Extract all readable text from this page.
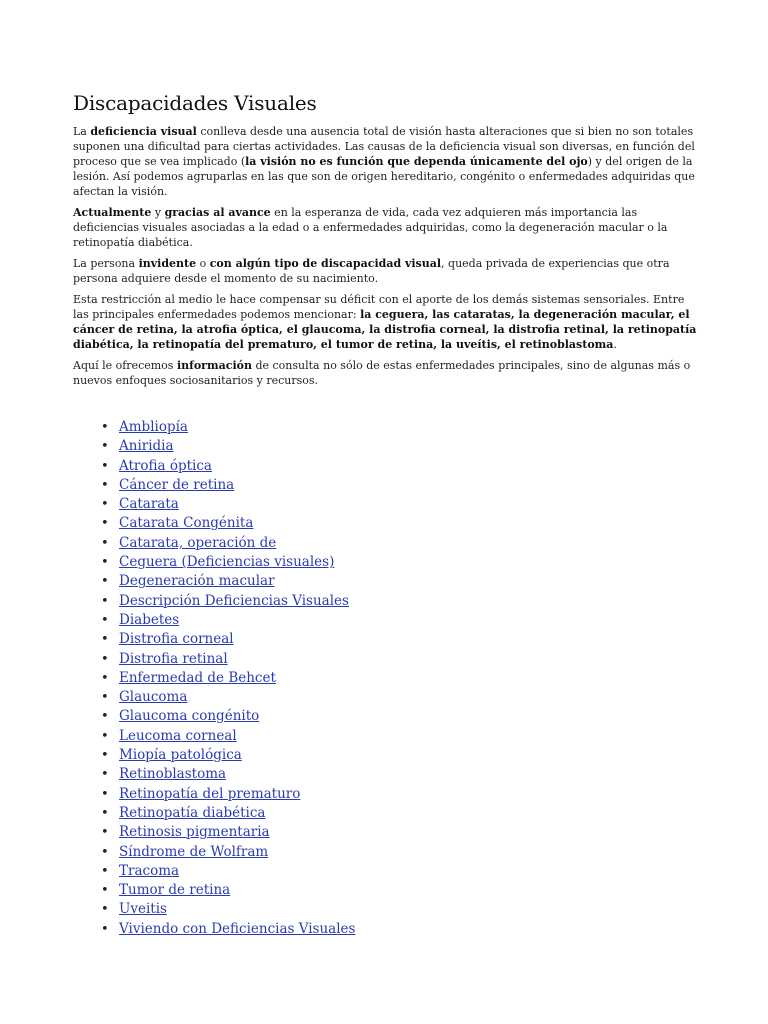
Discapacidades Visuales

La deficiencia visual conlleva desde una ausencia total de visión hasta alteraciones que si bien no son totales suponen una dificultad para ciertas actividades. Las causas de la deficiencia visual son diversas, en función del proceso que se vea implicado (la visión no es función que dependa únicamente del ojo) y del origen de la lesión. Así podemos agruparlas en las que son de origen hereditario, congénito o enfermedades adquiridas que afectan la visión.

Actualmente y gracias al avance en la esperanza de vida, cada vez adquieren más importancia las deficiencias visuales asociadas a la edad o a enfermedades adquiridas, como la degeneración macular o la retinopatía diabética.

La persona invidente o con algún tipo de discapacidad visual, queda privada de experiencias que otra persona adquiere desde el momento de su nacimiento.

Esta restricción al medio le hace compensar su déficit con el aporte de los demás sistemas sensoriales. Entre las principales enfermedades podemos mencionar: la ceguera, las cataratas, la degeneración macular, el cáncer de retina, la atrofia óptica, el glaucoma, la distrofia corneal, la distrofia retinal, la retinopatía diabética, la retinopatía del prematuro, el tumor de retina, la uveítis, el retinoblastoma.

Aquí le ofrecemos información de consulta no sólo de estas enfermedades principales, sino de algunas más o nuevos enfoques sociosanitarios y recursos.

• Ambliopía
• Aniridia
• Atrofia óptica
• Cáncer de retina
• Catarata
• Catarata Congénita
• Catarata, operación de
• Ceguera (Deficiencias visuales)
• Degeneración macular
• Descripción Deficiencias Visuales
• Diabetes
• Distrofia corneal
• Distrofia retinal
• Enfermedad de Behcet
• Glaucoma
• Glaucoma congénito
• Leucoma corneal
• Miopía patológica
• Retinoblastoma
• Retinopatía del prematuro
• Retinopatía diabética
• Retinosis pigmentaria
• Síndrome de Wolfram
• Tracoma
• Tumor de retina
• Uveitis
• Viviendo con Deficiencias Visuales
